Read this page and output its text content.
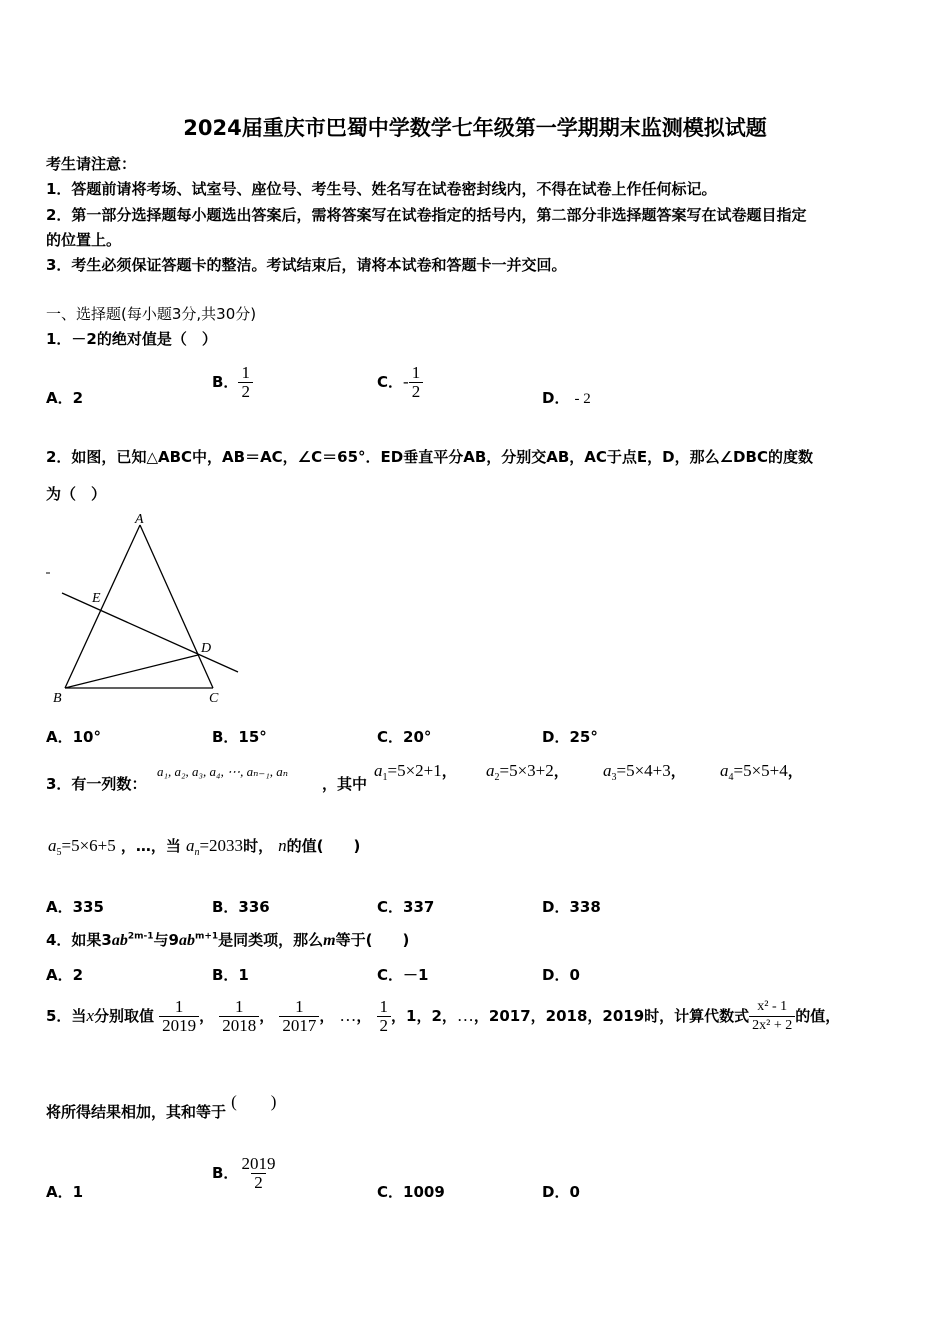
2024届重庆市巴蜀中学数学七年级第一学期期末监测模拟试题
考生请注意：
1．答题前请将考场、试室号、座位号、考生号、姓名写在试卷密封线内，不得在试卷上作任何标记。
2．第一部分选择题每小题选出答案后，需将答案写在试卷指定的括号内，第二部分非选择题答案写在试卷题目指定
的位置上。
3．考生必须保证答题卡的整洁。考试结束后，请将本试卷和答题卡一并交回。
一、选择题(每小题3分,共30分)
1．－2的绝对值是（　）
A．2
B． $\frac{1}{2}$	C．- $\frac{1}{2}$	D． - 2
2．如图，已知△ABC中，AB＝AC，∠C＝65°．ED垂直平分AB，分别交AB，AC于点E，D，那么∠DBC的度数
为（　）
A
E
D
B	C
A．10°	B．15°	C．20°	D．25°
3．有一列数：
a₁, a₂, a₃, a₄, ⋯, aₙ₋₁, aₙ
，其中
$a_1=5\times 2+1$， $a_2=5\times 3+2$， $a_3=5\times 4+3$， $a_4=5\times 5+4$，
$a_5=5\times 6+5$ ，…，当 $a_n=2033$时， n的值(　　)
A．335	B．336	C．337	D．338
4．如果$3ab^{2m-1}$与$9ab^{m+1}$是同类项，那么m等于(　　)
A．2	B．1	C．－1	D．0
5．当x分别取值 $\frac{1}{2019}$ ， $\frac{1}{2018}$ ， $\frac{1}{2017}$ ， …， $\frac{1}{2}$ ，1，2，…，2017，2018，2019时，计算代数式 $\frac{\text{x² - 1}}{\text{2x² + 2}}$ 的值，
将所得结果相加，其和等于 (　　)
A．1
B． $\frac{2019}{2}$	C．1009	D．0
